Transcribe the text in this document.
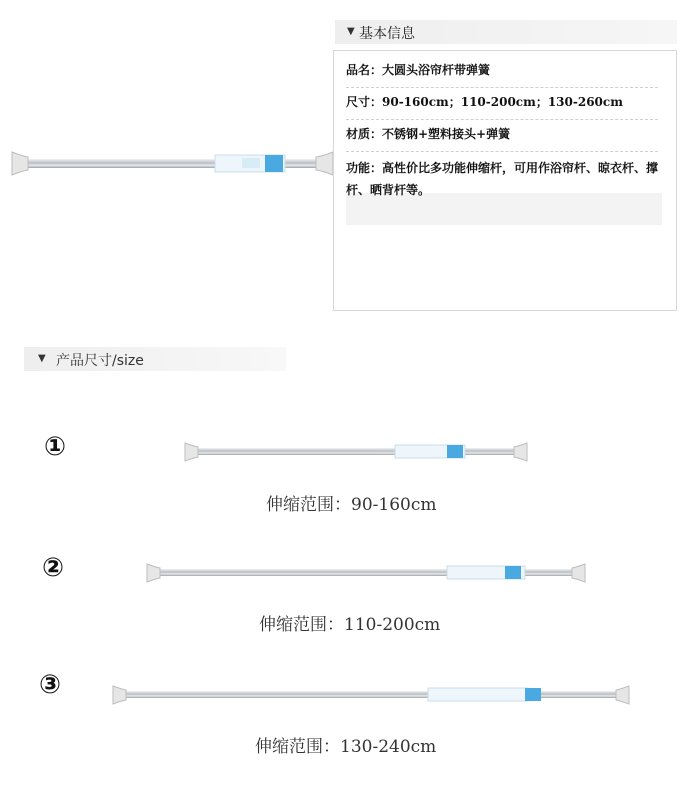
▼ 基本信息
品名：大圆头浴帘杆带弹簧
尺寸：90-160cm；110-200cm；130-260cm
材质：不锈钢+塑料接头+弹簧
功能：高性价比多功能伸缩杆，可用作浴帘杆、晾衣杆、撑杆、晒背杆等。
▼ 产品尺寸/size
①
伸缩范围：90-160cm
②
伸缩范围：110-200cm
③
伸缩范围：130-240cm
